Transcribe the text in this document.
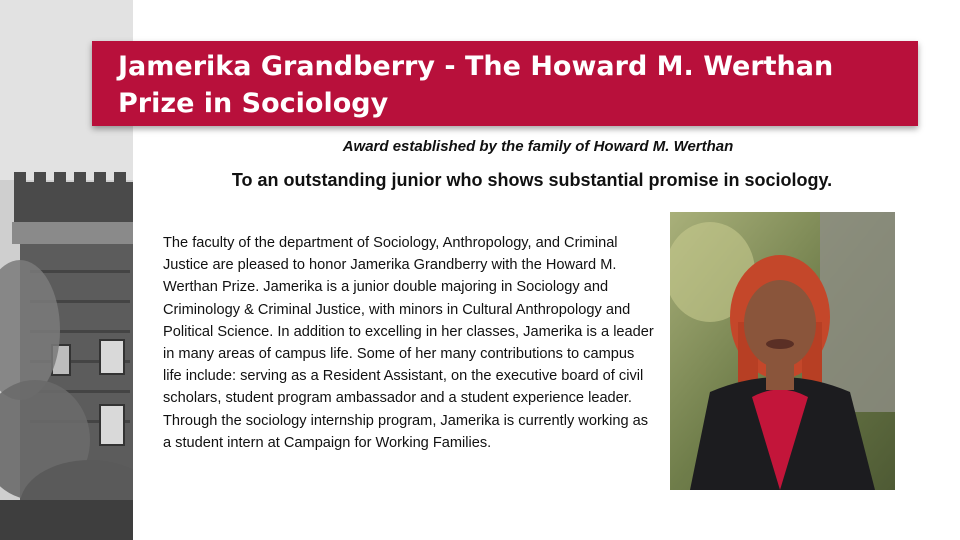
Jamerika Grandberry - The Howard M. Werthan Prize in Sociology
Award established by the family of Howard M. Werthan
To an outstanding junior who shows substantial promise in sociology.

The faculty of the department of Sociology, Anthropology, and Criminal Justice are pleased to honor Jamerika Grandberry with the Howard M. Werthan Prize. Jamerika is a junior double majoring in Sociology and Criminology & Criminal Justice, with minors in Cultural Anthropology and Political Science. In addition to excelling in her classes, Jamerika is a leader in many areas of campus life. Some of her many contributions to campus life include: serving as a Resident Assistant, on the executive board of civil scholars, student program ambassador and a student experience leader. Through the sociology internship program, Jamerika is currently working as a student intern at Campaign for Working Families.
